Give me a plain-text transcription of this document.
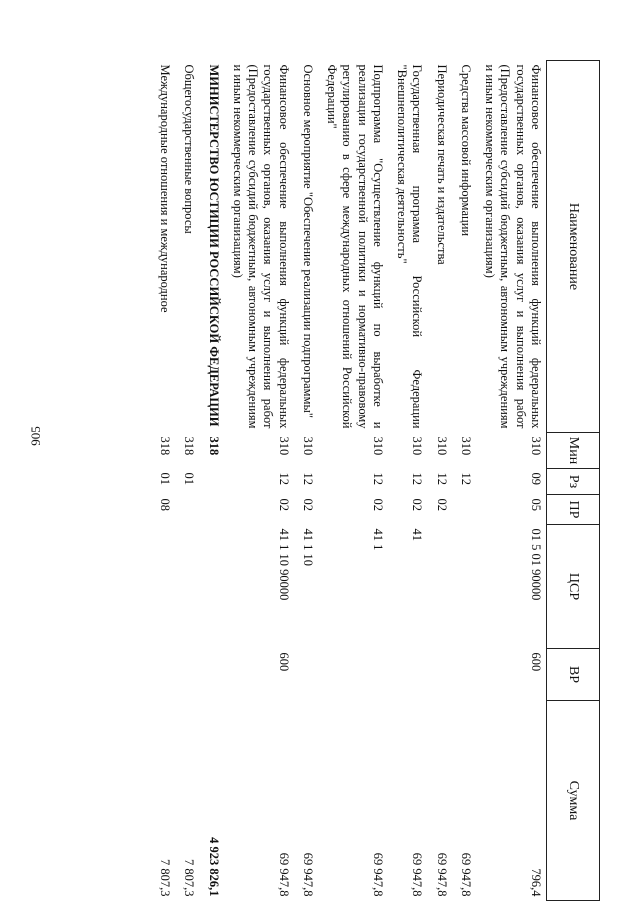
905
Наименование	Мин	Рз	ПР	ЦСР	ВР	Сумма
Финансовое обеспечение выполнения функций федеральных государственных органов, оказания услуг и выполнения работ (Предоставление субсидий бюджетным, автономным учреждениям и иным некоммерческим организациям)	310	09	05	01 5 01 90000	600	796,4
Средства массовой информации	310	12				69 947,8
Периодическая печать и издательства	310	12	02			69 947,8
Государственная программа Российской Федерации "Внешнеполитическая деятельность"	310	12	02	41		69 947,8
Подпрограмма "Осуществление функций по выработке и реализации государственной политики и нормативно-правовому регулированию в сфере международных отношений Российской Федерации"	310	12	02	41 1		69 947,8
Основное мероприятие "Обеспечение реализации подпрограммы"	310	12	02	41 1 10		69 947,8
Финансовое обеспечение выполнения функций федеральных государственных органов, оказания услуг и выполнения работ (Предоставление субсидий бюджетным, автономным учреждениям и иным некоммерческим организациям)	310	12	02	41 1 10 90000	600	69 947,8
МИНИСТЕРСТВО ЮСТИЦИИ РОССИЙСКОЙ ФЕДЕРАЦИИ	318					4 923 826,1
Общегосударственные вопросы	318	01				7 807,3
Международные отношения и международное	318	01	08			7 807,3
